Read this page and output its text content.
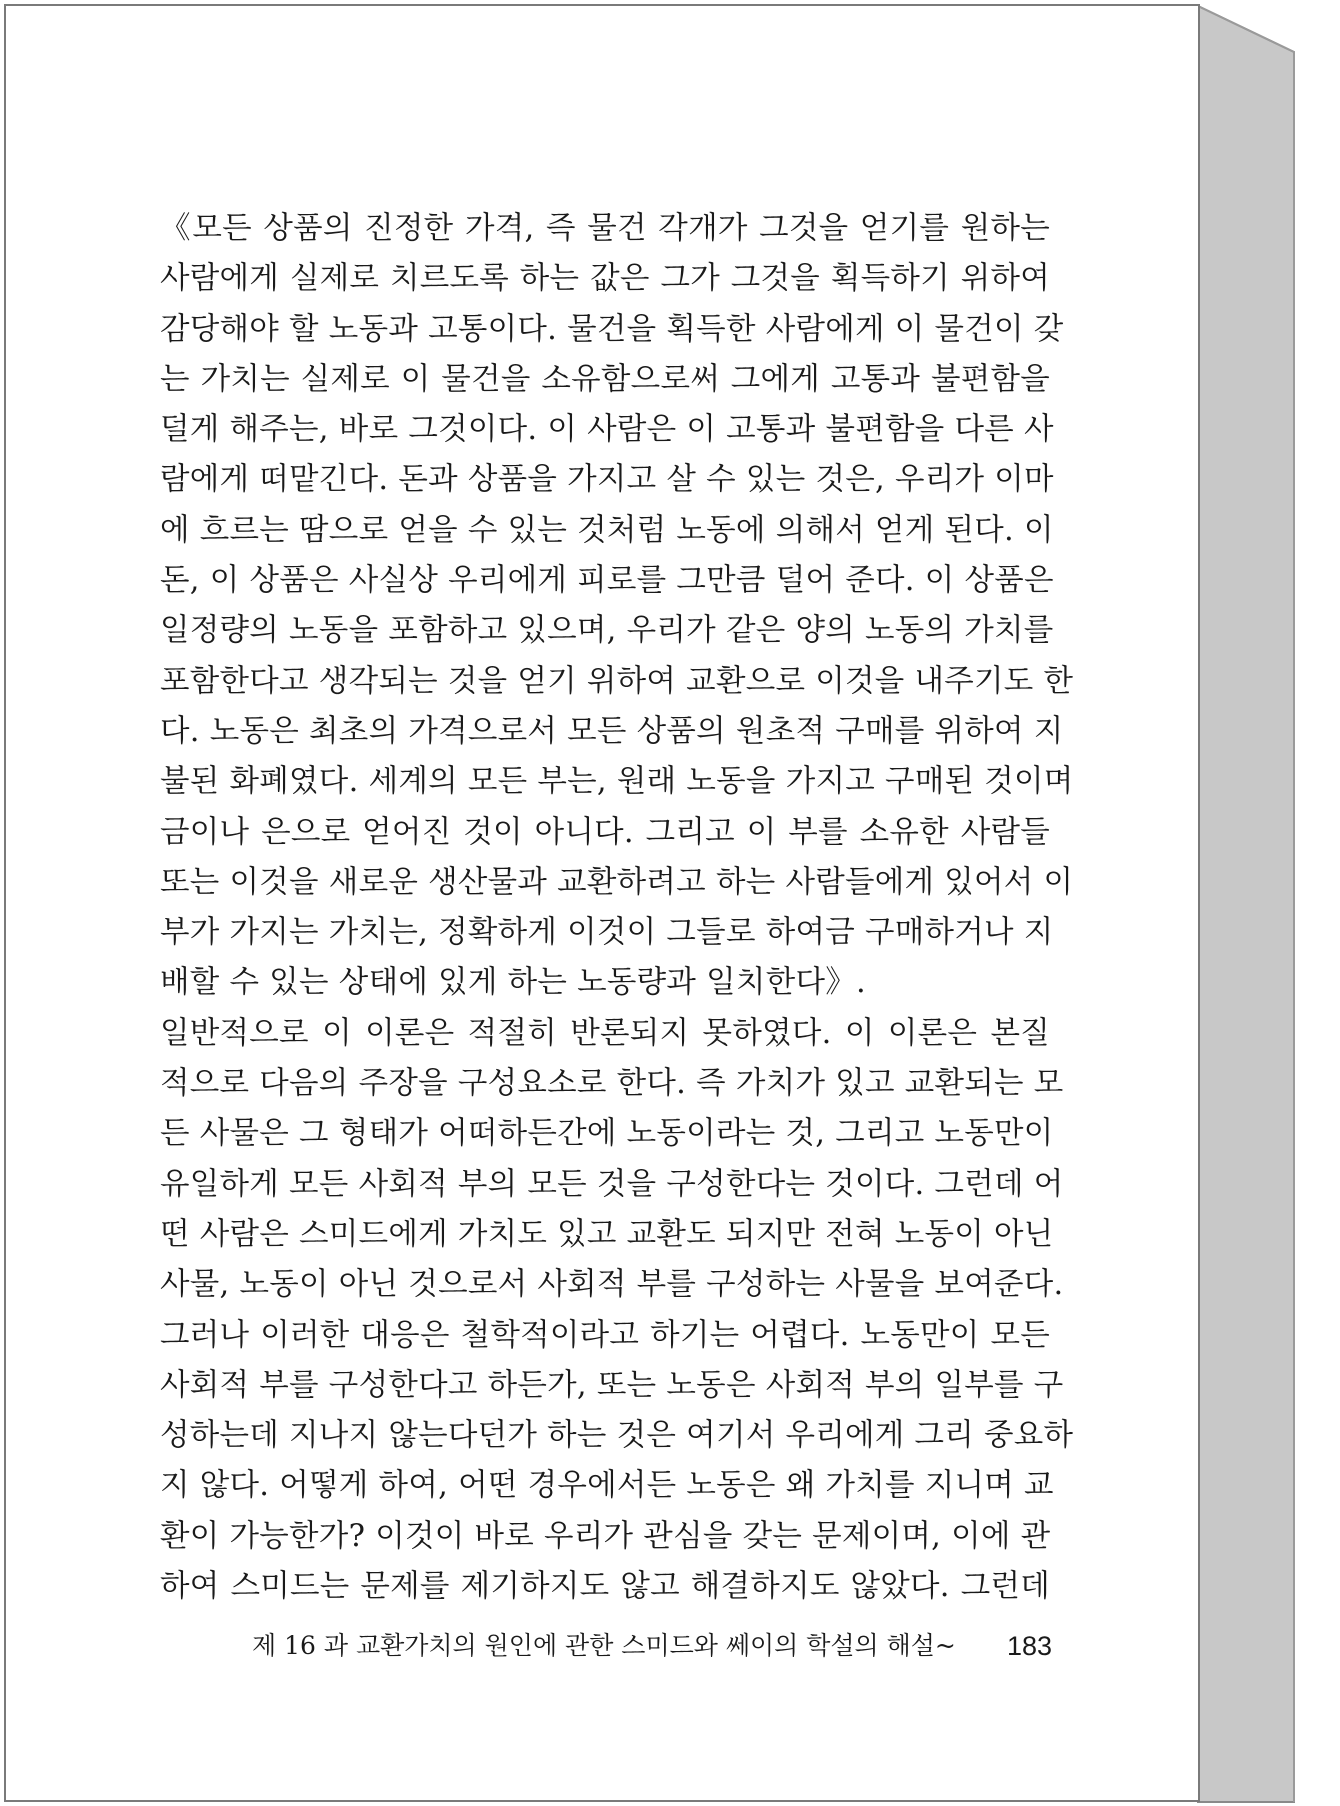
《모든 상품의 진정한 가격, 즉 물건 각개가 그것을 얻기를 원하는
사람에게 실제로 치르도록 하는 값은 그가 그것을 획득하기 위하여
감당해야 할 노동과 고통이다. 물건을 획득한 사람에게 이 물건이 갖
는 가치는 실제로 이 물건을 소유함으로써 그에게 고통과 불편함을
덜게 해주는, 바로 그것이다. 이 사람은 이 고통과 불편함을 다른 사
람에게 떠맡긴다. 돈과 상품을 가지고 살 수 있는 것은, 우리가 이마
에 흐르는 땀으로 얻을 수 있는 것처럼 노동에 의해서 얻게 된다. 이
돈, 이 상품은 사실상 우리에게 피로를 그만큼 덜어 준다. 이 상품은
일정량의 노동을 포함하고 있으며, 우리가 같은 양의 노동의 가치를
포함한다고 생각되는 것을 얻기 위하여 교환으로 이것을 내주기도 한
다. 노동은 최초의 가격으로서 모든 상품의 원초적 구매를 위하여 지
불된 화폐였다. 세계의 모든 부는, 원래 노동을 가지고 구매된 것이며
금이나 은으로 얻어진 것이 아니다. 그리고 이 부를 소유한 사람들
또는 이것을 새로운 생산물과 교환하려고 하는 사람들에게 있어서 이
부가 가지는 가치는, 정확하게 이것이 그들로 하여금 구매하거나 지
배할 수 있는 상태에 있게 하는 노동량과 일치한다》.
일반적으로 이 이론은 적절히 반론되지 못하였다. 이 이론은 본질
적으로 다음의 주장을 구성요소로 한다. 즉 가치가 있고 교환되는 모
든 사물은 그 형태가 어떠하든간에 노동이라는 것, 그리고 노동만이
유일하게 모든 사회적 부의 모든 것을 구성한다는 것이다. 그런데 어
떤 사람은 스미드에게 가치도 있고 교환도 되지만 전혀 노동이 아닌
사물, 노동이 아닌 것으로서 사회적 부를 구성하는 사물을 보여준다.
그러나 이러한 대응은 철학적이라고 하기는 어렵다. 노동만이 모든
사회적 부를 구성한다고 하든가, 또는 노동은 사회적 부의 일부를 구
성하는데 지나지 않는다던가 하는 것은 여기서 우리에게 그리 중요하
지 않다. 어떻게 하여, 어떤 경우에서든 노동은 왜 가치를 지니며 교
환이 가능한가? 이것이 바로 우리가 관심을 갖는 문제이며, 이에 관
하여 스미드는 문제를 제기하지도 않고 해결하지도 않았다. 그런데
제 16 과 교환가치의 원인에 관한 스미드와 쎄이의 학설의 해설~ 183
